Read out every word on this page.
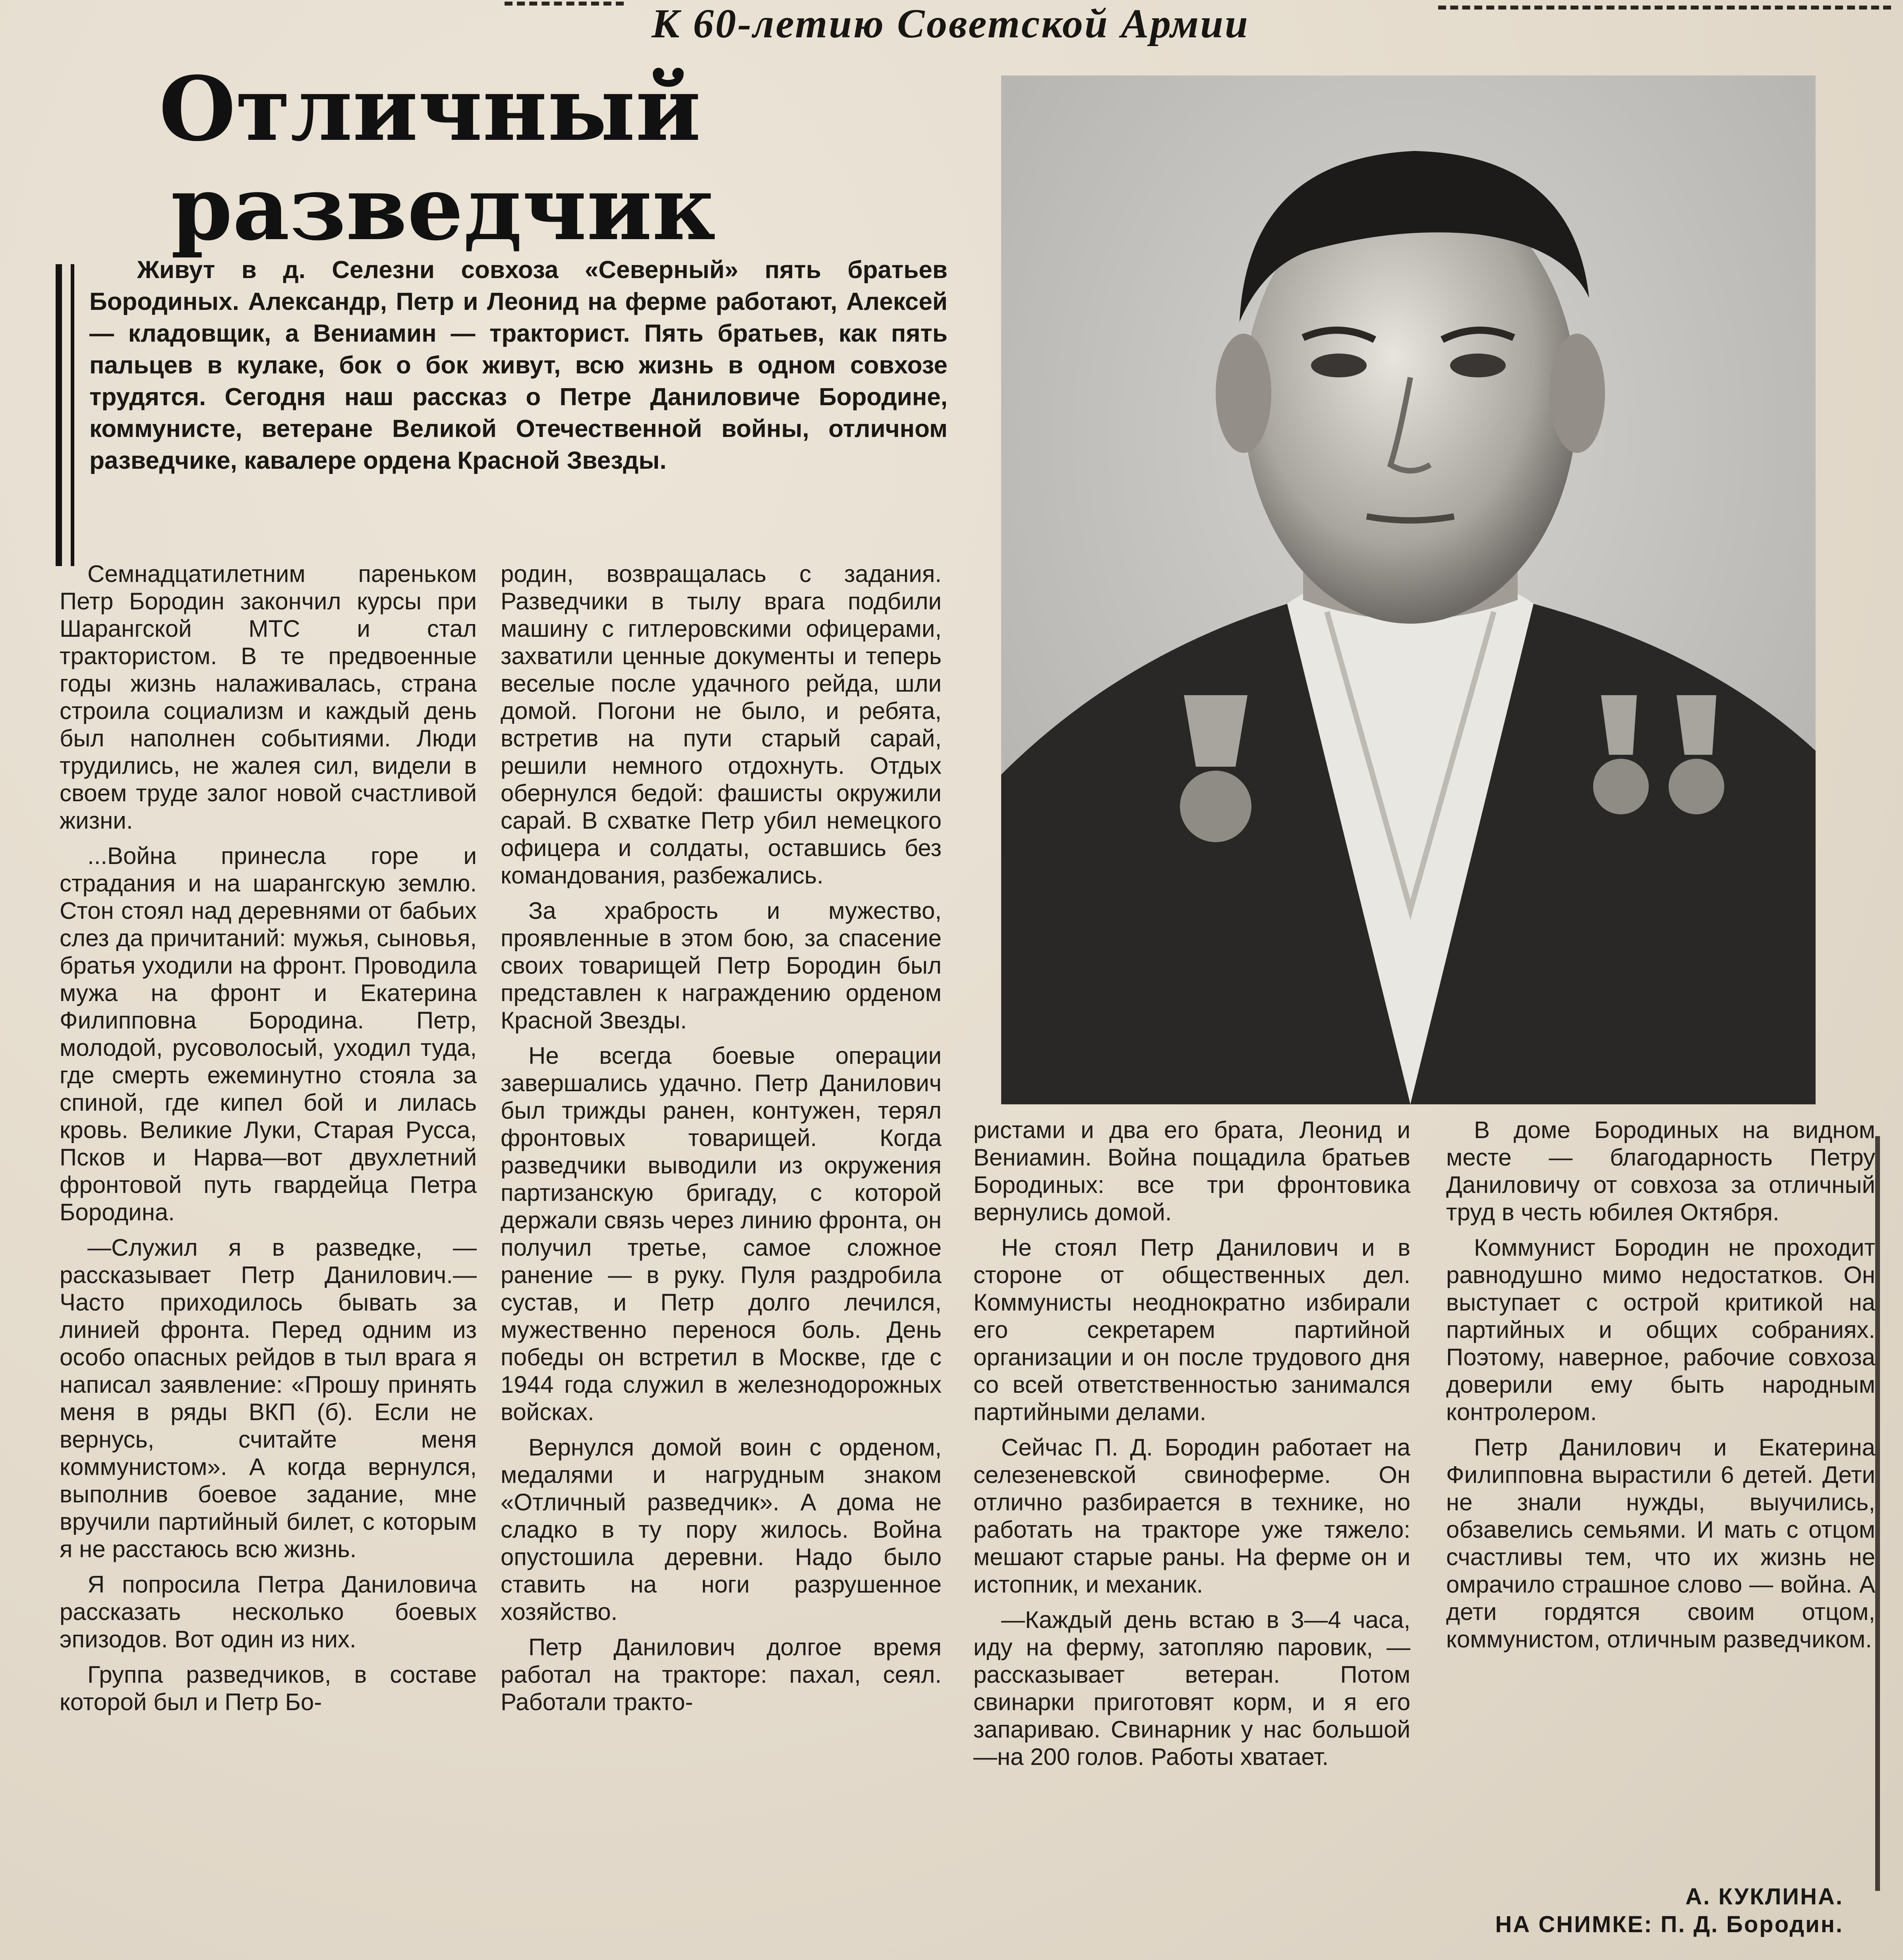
К 60-летию Советской Армии
Отличный
разведчик
Живут в д. Селезни совхоза «Северный» пять братьев Бородиных. Александр, Петр и Леонид на ферме работают, Алексей — кладовщик, а Вениамин — тракторист. Пять братьев, как пять пальцев в кулаке, бок о бок живут, всю жизнь в одном совхозе трудятся. Сегодня наш рассказ о Петре Даниловиче Бородине, коммунисте, ветеране Великой Отечественной войны, отличном разведчике, кавалере ордена Красной Звезды.

Семнадцатилетним пареньком Петр Бородин закончил курсы при Шарангской МТС и стал трактористом. В те предвоенные годы жизнь налаживалась, страна строила социализм и каждый день был наполнен событиями. Люди трудились, не жалея сил, видели в своем труде залог новой счастливой жизни.

...Война принесла горе и страдания и на шарангскую землю. Стон стоял над деревнями от бабьих слез да причитаний: мужья, сыновья, братья уходили на фронт. Проводила мужа на фронт и Екатерина Филипповна Бородина. Петр, молодой, русоволосый, уходил туда, где смерть ежеминутно стояла за спиной, где кипел бой и лилась кровь. Великие Луки, Старая Русса, Псков и Нарва—вот двухлетний фронтовой путь гвардейца Петра Бородина.

—Служил я в разведке, — рассказывает Петр Данилович.—Часто приходилось бывать за линией фронта. Перед одним из особо опасных рейдов в тыл врага я написал заявление: «Прошу принять меня в ряды ВКП (б). Если не вернусь, считайте меня коммунистом». А когда вернулся, выполнив боевое задание, мне вручили партийный билет, с которым я не расстаюсь всю жизнь.

Я попросила Петра Даниловича рассказать несколько боевых эпизодов. Вот один из них.

Группа разведчиков, в составе которой был и Петр Бо-

родин, возвращалась с задания. Разведчики в тылу врага подбили машину с гитлеровскими офицерами, захватили ценные документы и теперь веселые после удачного рейда, шли домой. Погони не было, и ребята, встретив на пути старый сарай, решили немного отдохнуть. Отдых обернулся бедой: фашисты окружили сарай. В схватке Петр убил немецкого офицера и солдаты, оставшись без командования, разбежались.

За храбрость и мужество, проявленные в этом бою, за спасение своих товарищей Петр Бородин был представлен к награждению орденом Красной Звезды.

Не всегда боевые операции завершались удачно. Петр Данилович был трижды ранен, контужен, терял фронтовых товарищей. Когда разведчики выводили из окружения партизанскую бригаду, с которой держали связь через линию фронта, он получил третье, самое сложное ранение — в руку. Пуля раздробила сустав, и Петр долго лечился, мужественно перенося боль. День победы он встретил в Москве, где с 1944 года служил в железнодорожных войсках.

Вернулся домой воин с орденом, медалями и нагрудным знаком «Отличный разведчик». А дома не сладко в ту пору жилось. Война опустошила деревни. Надо было ставить на ноги разрушенное хозяйство.

Петр Данилович долгое время работал на тракторе: пахал, сеял. Работали тракто-

ристами и два его брата, Леонид и Вениамин. Война пощадила братьев Бородиных: все три фронтовика вернулись домой.

Не стоял Петр Данилович и в стороне от общественных дел. Коммунисты неоднократно избирали его секретарем партийной организации и он после трудового дня со всей ответственностью занимался партийными делами.

Сейчас П. Д. Бородин работает на селезеневской свиноферме. Он отлично разбирается в технике, но работать на тракторе уже тяжело: мешают старые раны. На ферме он и истопник, и механик.

—Каждый день встаю в 3—4 часа, иду на ферму, затопляю паровик, — рассказывает ветеран. Потом свинарки приготовят корм, и я его запариваю. Свинарник у нас большой—на 200 голов. Работы хватает.

В доме Бородиных на видном месте — благодарность Петру Даниловичу от совхоза за отличный труд в честь юбилея Октября.

Коммунист Бородин не проходит равнодушно мимо недостатков. Он выступает с острой критикой на партийных и общих собраниях. Поэтому, наверное, рабочие совхоза доверили ему быть народным контролером.

Петр Данилович и Екатерина Филипповна вырастили 6 детей. Дети не знали нужды, выучились, обзавелись семьями. И мать с отцом счастливы тем, что их жизнь не омрачило страшное слово — война. А дети гордятся своим отцом, коммунистом, отличным разведчиком.

А. КУКЛИНА.
НА СНИМКЕ: П. Д. Бородин.
